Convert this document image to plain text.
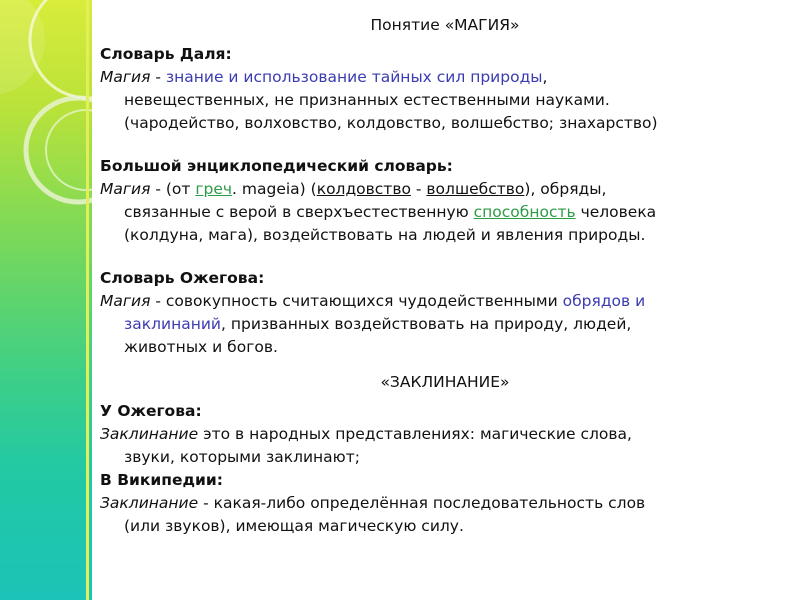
Понятие «МАГИЯ»
Словарь Даля:
Магия - знание и использование тайных сил природы,
невещественных, не признанных естественными науками.
(чародейство, волховство, колдовство, волшебство; знахарство)
Большой энциклопедический словарь:
Магия - (от греч. mageia) (колдовство - волшебство), обряды,
связанные с верой в сверхъестественную способность человека
(колдуна, мага), воздействовать на людей и явления природы.
Словарь Ожегова:
Магия - совокупность считающихся чудодейственными обрядов и
заклинаний, призванных воздействовать на природу, людей,
животных и богов.
«ЗАКЛИНАНИЕ»
У Ожегова:
Заклинание это в народных представлениях: магические слова,
звуки, которыми заклинают;
В Википедии:
Заклинание - какая-либо определённая последовательность слов
(или звуков), имеющая магическую силу.
